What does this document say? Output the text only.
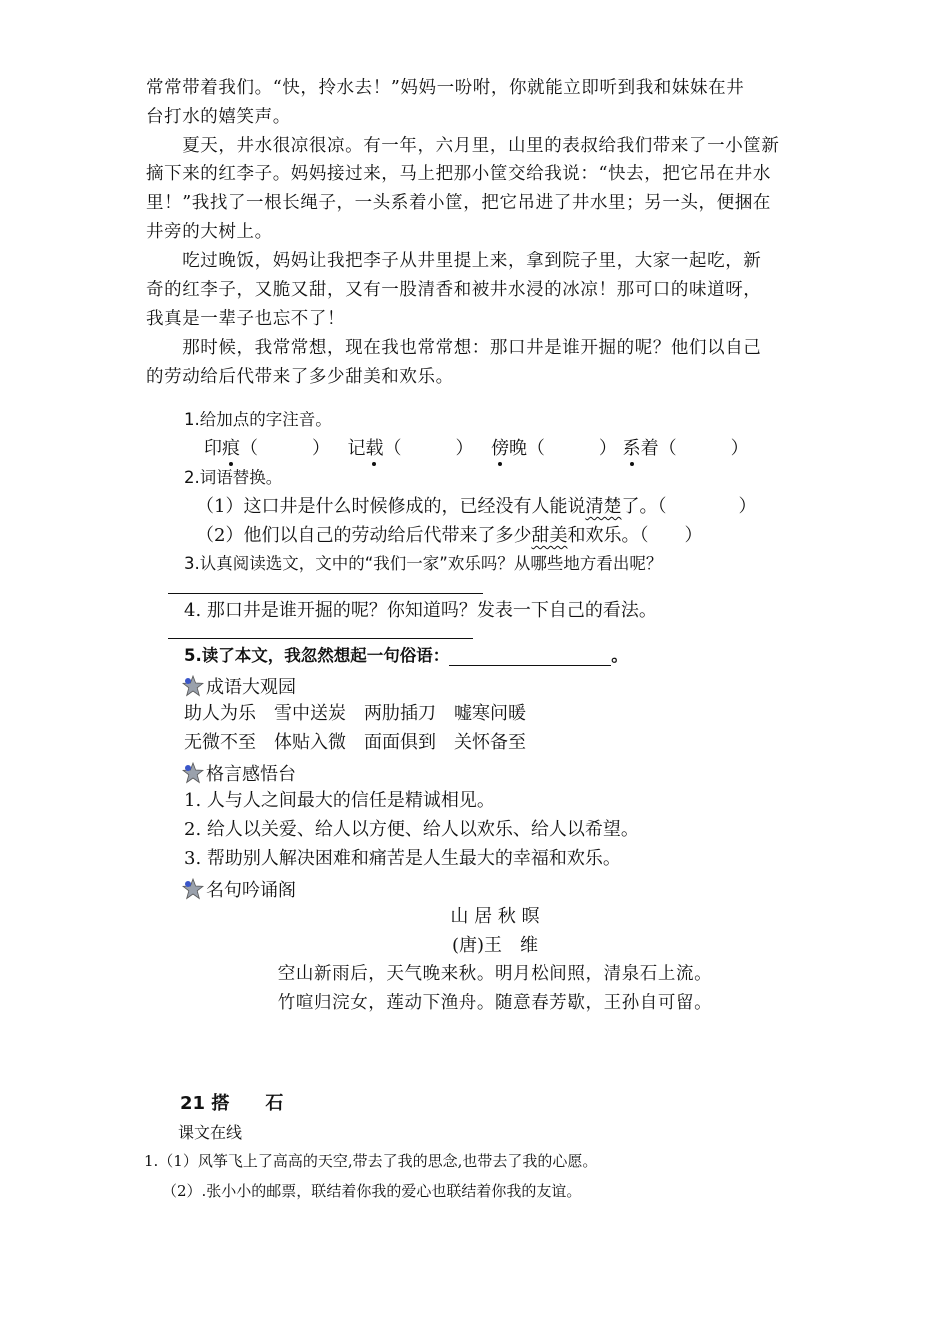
常常带着我们。“快，拎水去！”妈妈一吩咐，你就能立即听到我和妹妹在井
台打水的嬉笑声。
　　夏天，井水很凉很凉。有一年，六月里，山里的表叔给我们带来了一小筐新
摘下来的红李子。妈妈接过来，马上把那小筐交给我说：“快去，把它吊在井水
里！”我找了一根长绳子，一头系着小筐，把它吊进了井水里；另一头，便捆在
井旁的大树上。
　　吃过晚饭，妈妈让我把李子从井里提上来，拿到院子里，大家一起吃，新
奇的红李子，又脆又甜，又有一股清香和被井水浸的冰凉！那可口的味道呀，
我真是一辈子也忘不了！
　　那时候，我常常想，现在我也常常想：那口井是谁开掘的呢？他们以自己
的劳动给后代带来了多少甜美和欢乐。
1.给加点的字注音。
印痕（　　　） 记载（　　　） 傍晚（　　　） 系着（　　　）
2.词语替换。
（1）这口井是什么时候修成的，已经没有人能说清楚了。（　　　　）
（2）他们以自己的劳动给后代带来了多少甜美和欢乐。（　　）
3.认真阅读选文，文中的“我们一家”欢乐吗？从哪些地方看出呢？
4. 那口井是谁开掘的呢？你知道吗？发表一下自己的看法。
5.读了本文，我忽然想起一句俗语：	。
成语大观园
助人为乐　雪中送炭　两肋插刀　嘘寒问暖
无微不至　体贴入微　面面俱到　关怀备至
格言感悟台
1. 人与人之间最大的信任是精诚相见。
2. 给人以关爱、给人以方便、给人以欢乐、给人以希望。
3. 帮助别人解决困难和痛苦是人生最大的幸福和欢乐。
名句吟诵阁
山 居 秋 暝
(唐)王　维
空山新雨后，天气晚来秋。明月松间照，清泉石上流。
竹喧归浣女，莲动下渔舟。随意春芳歇，王孙自可留。
21 搭　　石
课文在线
1.（1）风筝飞上了高高的天空,带去了我的思念,也带去了我的心愿。
（2）.张小小的邮票，联结着你我的爱心也联结着你我的友谊。
